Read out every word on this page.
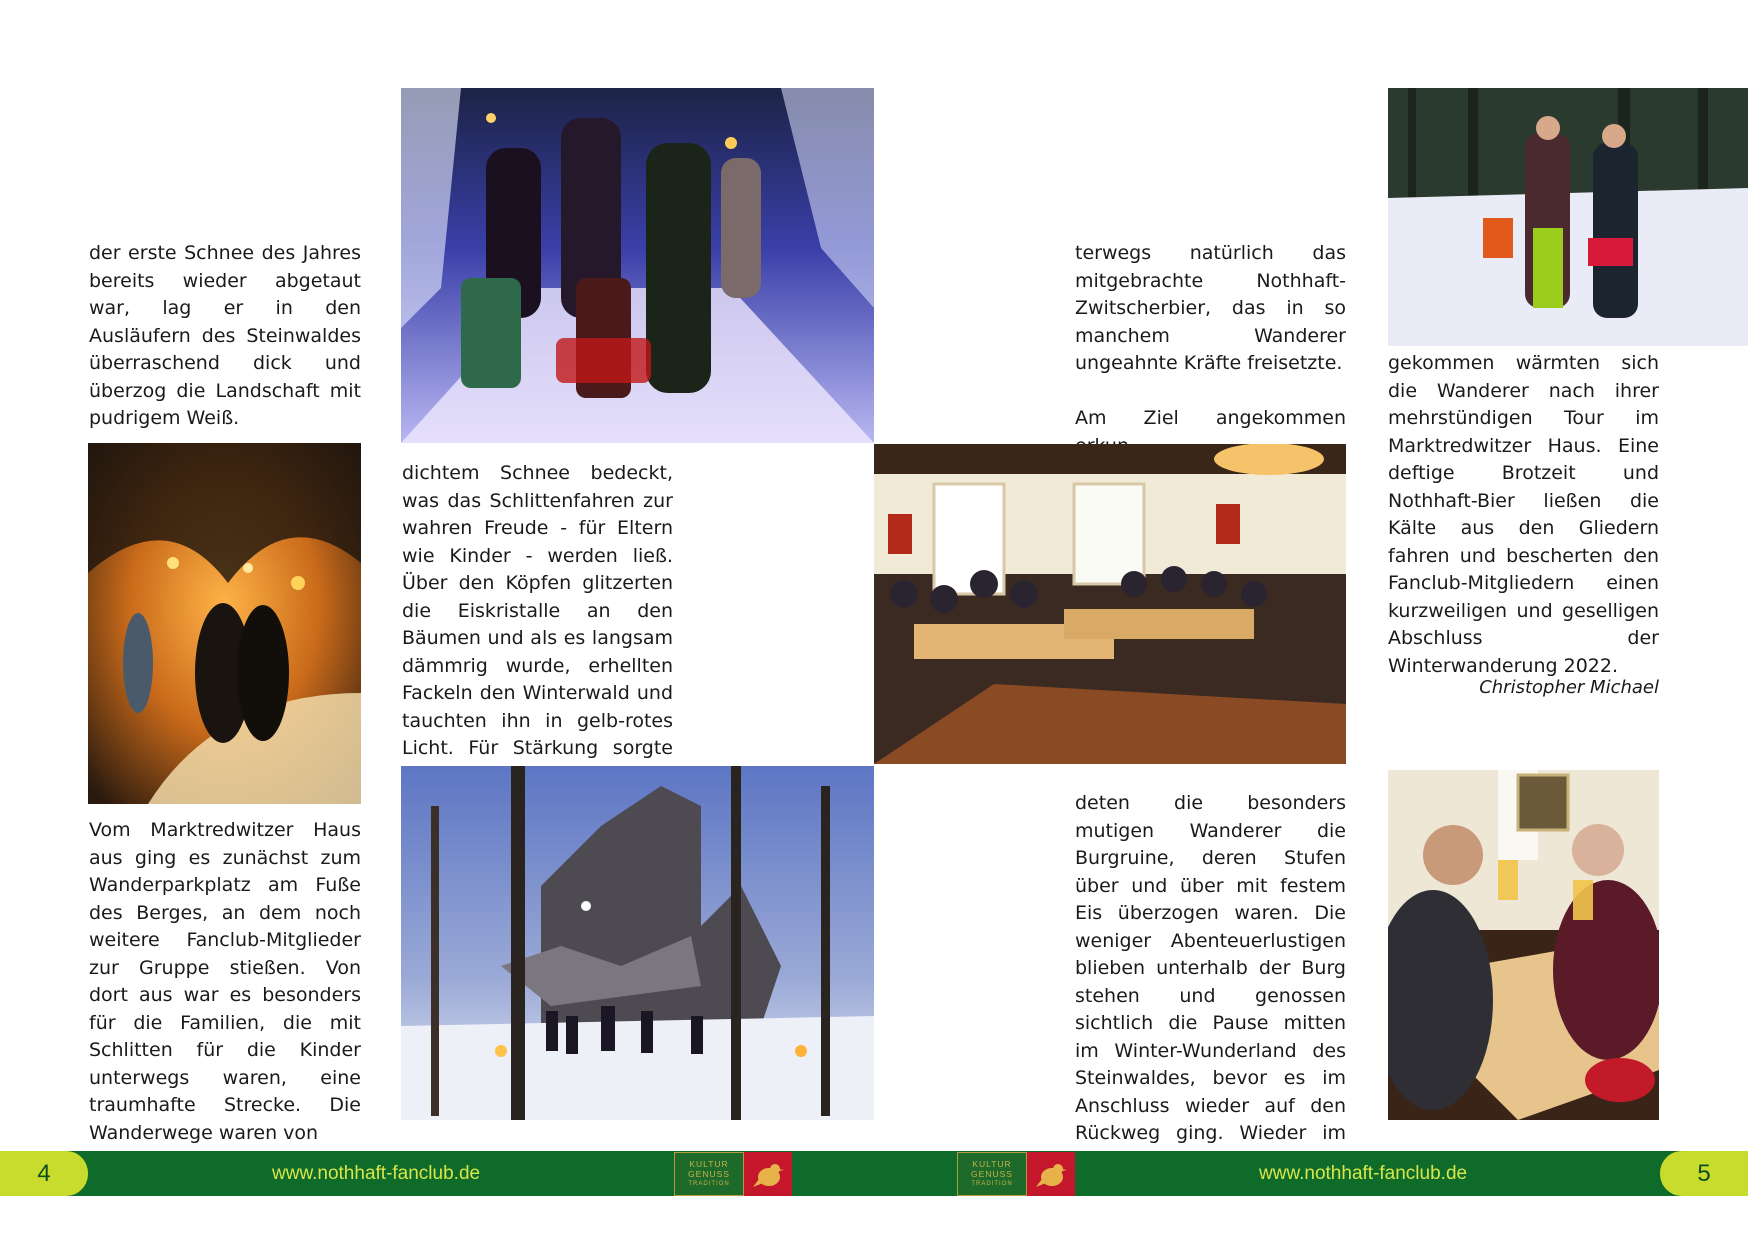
der erste Schnee des Jahres bereits wieder abgetaut war, lag er in den Ausläufern des Steinwaldes überraschend dick und überzog die Landschaft mit pudrigem Weiß.

Vom Marktredwitzer Haus aus ging es zunächst zum Wanderparkplatz am Fuße des Berges, an dem noch weitere Fanclub-Mitglieder zur Gruppe stießen. Von dort aus war es besonders für die Familien, die mit Schlitten für die Kinder unterwegs waren, eine traumhafte Strecke. Die Wanderwege waren von

dichtem Schnee bedeckt, was das Schlittenfahren zur wahren Freude - für Eltern wie Kinder - werden ließ. Über den Köpfen glitzerten die Eiskristalle an den Bäumen und als es langsam dämmrig wurde, erhellten Fackeln den Winterwald und tauchten ihn in gelb-rotes Licht. Für Stärkung sorgte

terwegs natürlich das mitgebrachte Nothhaft-Zwitscherbier, das in so manchem Wanderer ungeahnte Kräfte freisetzte.

Am Ziel angekommen

deten die besonders mutigen Wanderer die Burgruine, deren Stufen über und über mit festem Eis überzogen waren. Die weniger Abenteuerlustigen blieben unterhalb der Burg stehen und genossen sichtlich die Pause mitten im Winter-Wunderland des Steinwaldes, bevor es im Anschluss wieder auf den Rückweg ging. Wieder im

gekommen wärmten sich die Wanderer nach ihrer mehrstündigen Tour im Marktredwitzer Haus. Eine deftige Brotzeit und Nothhaft-Bier ließen die Kälte aus den Gliedern fahren und bescherten den Fanclub-Mitgliedern einen kurzweiligen und geselligen Abschluss der Winterwanderung 2022.

Christopher Michael
4	5
www.nothhaft-fanclub.de	www.nothhaft-fanclub.de
KULTUR
GENUSS
TRADITION
KULTUR
GENUSS
TRADITION
